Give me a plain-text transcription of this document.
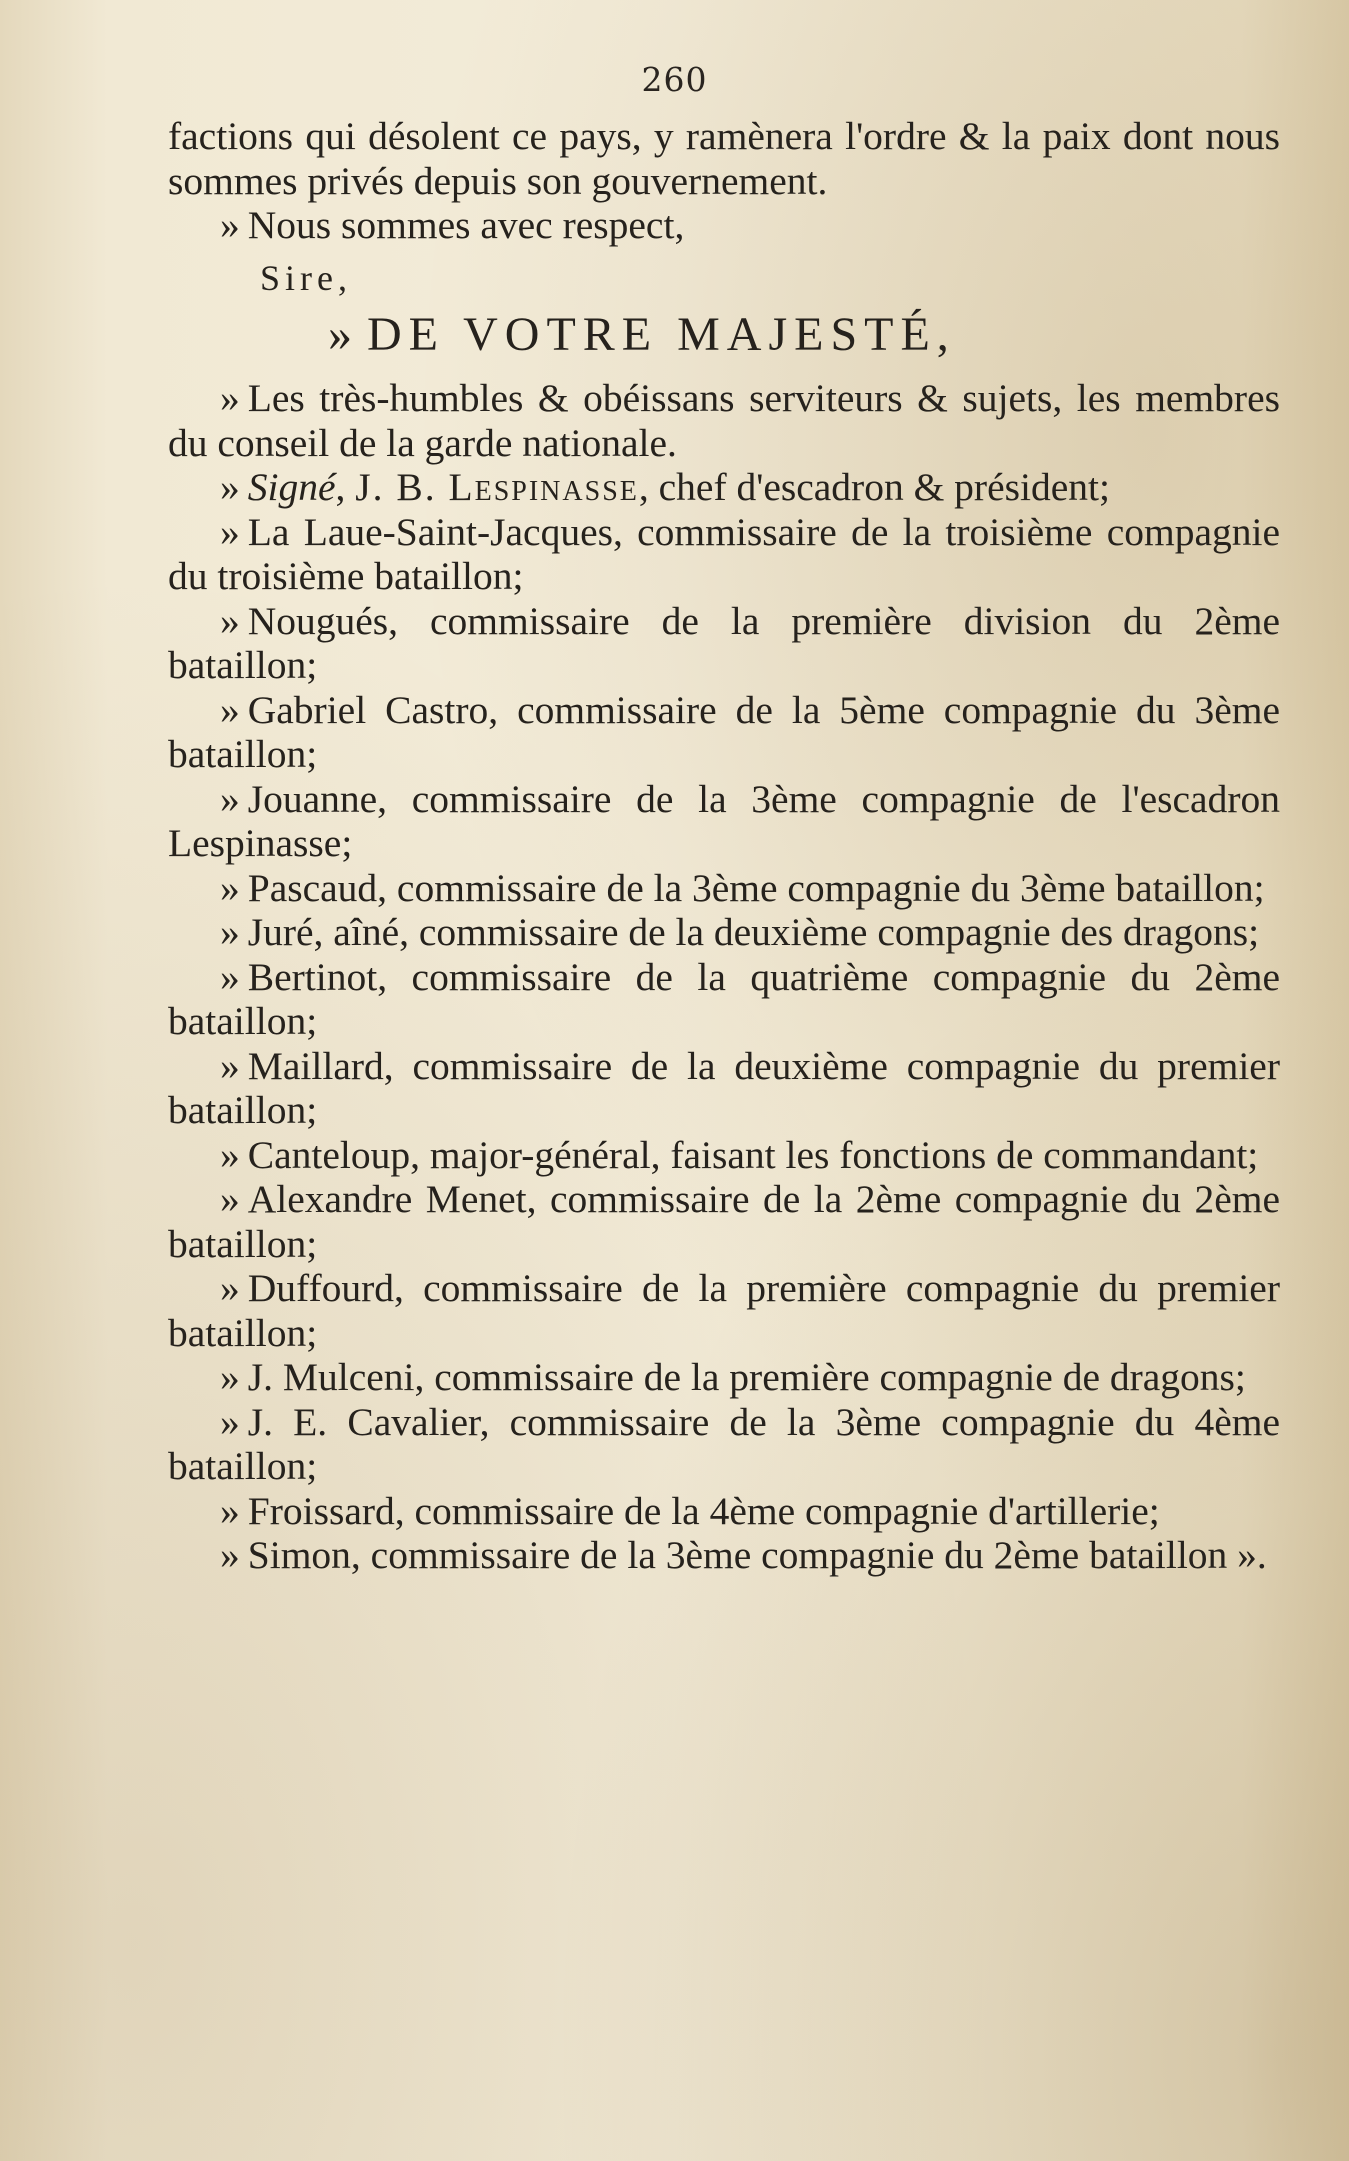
260

factions qui désolent ce pays, y ramènera l'ordre & la paix dont nous sommes privés depuis son gouvernement.

» Nous sommes avec respect,

Sire,

» DE VOTRE MAJESTÉ,

» Les très-humbles & obéissans serviteurs & sujets, les membres du conseil de la garde nationale.

» Signé, J. B. Lespinasse, chef d'escadron & président;

» La Laue-Saint-Jacques, commissaire de la troisième compagnie du troisième bataillon;

» Nougués, commissaire de la première division du 2ème bataillon;

» Gabriel Castro, commissaire de la 5ème compagnie du 3ème bataillon;

» Jouanne, commissaire de la 3ème compagnie de l'escadron Lespinasse;

» Pascaud, commissaire de la 3ème compagnie du 3ème bataillon;

» Juré, aîné, commissaire de la deuxième compagnie des dragons;

» Bertinot, commissaire de la quatrième compagnie du 2ème bataillon;

» Maillard, commissaire de la deuxième compagnie du premier bataillon;

» Canteloup, major-général, faisant les fonctions de commandant;

» Alexandre Menet, commissaire de la 2ème compagnie du 2ème bataillon;

» Duffourd, commissaire de la première compagnie du premier bataillon;

» J. Mulceni, commissaire de la première compagnie de dragons;

» J. E. Cavalier, commissaire de la 3ème compagnie du 4ème bataillon;

» Froissard, commissaire de la 4ème compagnie d'artillerie;

» Simon, commissaire de la 3ème compagnie du 2ème bataillon ».
